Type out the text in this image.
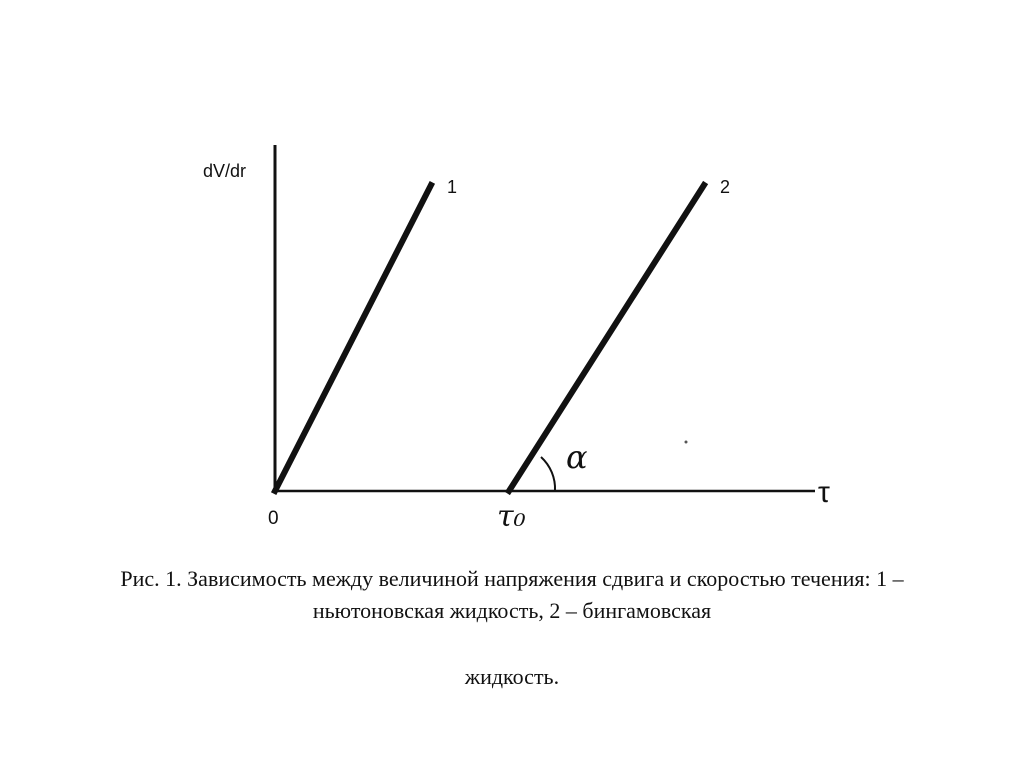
dV/dr
τ
0
1	2
α
τ₀

Рис. 1. Зависимость между величиной напряжения сдвига и скоростью течения: 1 – ньютоновская жидкость, 2 – бингамовская

жидкость.
